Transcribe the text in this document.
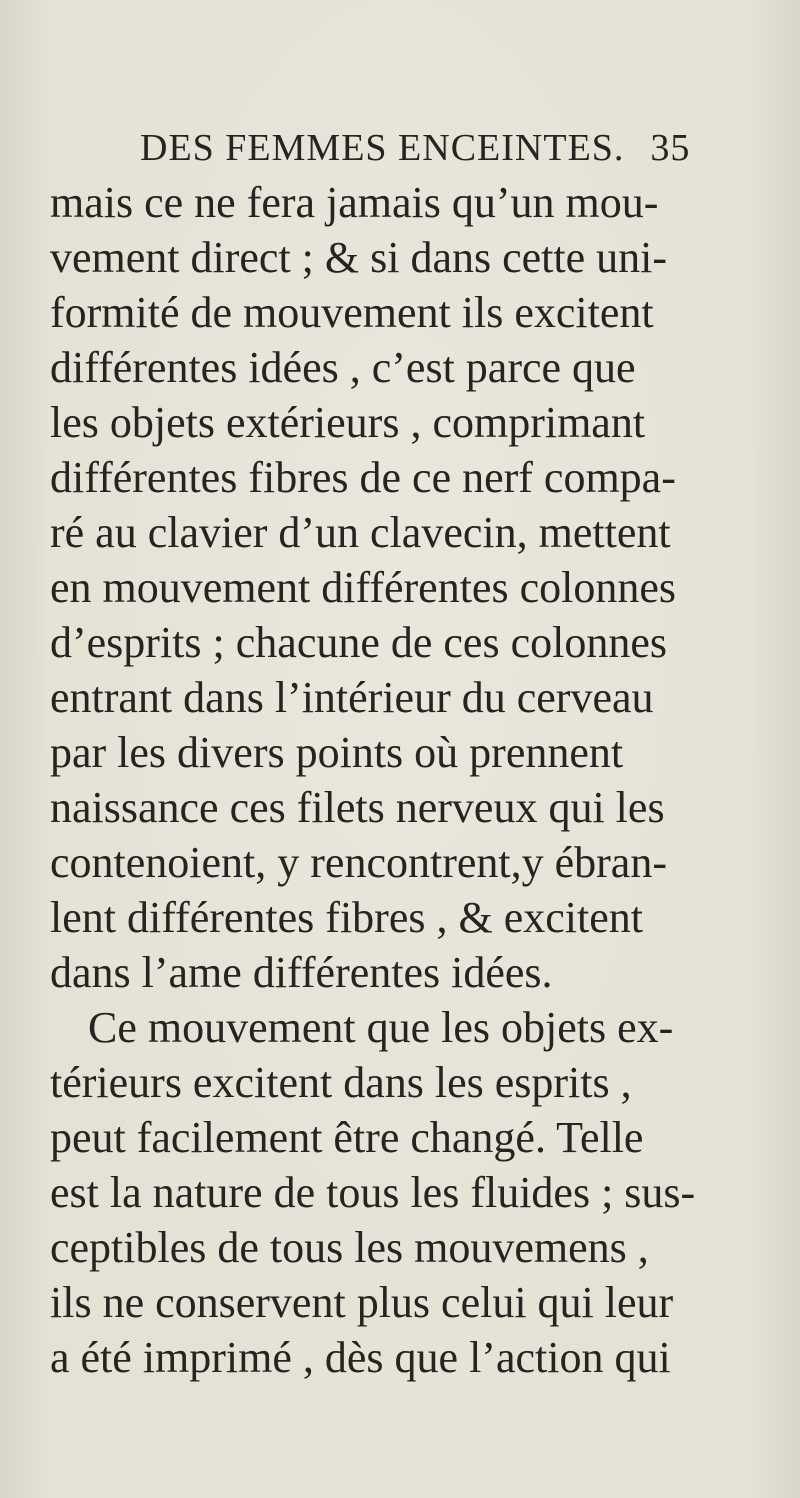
DES FEMMES ENCEINTES. 35
mais ce ne fera jamais qu’un mou-
vement direct ; & si dans cette uni-
formité de mouvement ils excitent
différentes idées , c’est parce que
les objets extérieurs , comprimant
différentes fibres de ce nerf compa-
ré au clavier d’un clavecin, mettent
en mouvement différentes colonnes
d’esprits ; chacune de ces colonnes
entrant dans l’intérieur du cerveau
par les divers points où prennent
naissance ces filets nerveux qui les
contenoient, y rencontrent,y ébran-
lent différentes fibres , & excitent
dans l’ame différentes idées.
Ce mouvement que les objets ex-
térieurs excitent dans les esprits ,
peut facilement être changé. Telle
est la nature de tous les fluides ; sus-
ceptibles de tous les mouvemens ,
ils ne conservent plus celui qui leur
a été imprimé , dès que l’action qui
